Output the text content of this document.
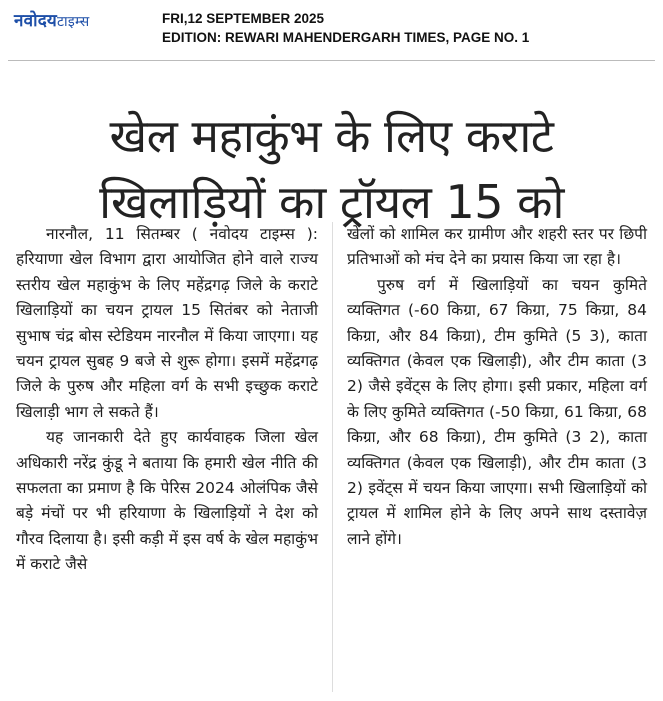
नवोदयटाइम्स	FRI,12 SEPTEMBER 2025
EDITION: REWARI MAHENDERGARH TIMES, PAGE NO. 1
खेल महाकुंभ के लिए कराटे
खिलाड़ियों का ट्रॉयल 15 को

नारनौल, 11 सितम्बर ( नवोदय टाइम्स ): हरियाणा खेल विभाग द्वारा आयोजित होने वाले राज्य स्तरीय खेल महाकुंभ के लिए महेंद्रगढ़ जिले के कराटे खिलाड़ियों का चयन ट्रायल 15 सितंबर को नेताजी सुभाष चंद्र बोस स्टेडियम नारनौल में किया जाएगा। यह चयन ट्रायल सुबह 9 बजे से शुरू होगा। इसमें महेंद्रगढ़ जिले के पुरुष और महिला वर्ग के सभी इच्छुक कराटे खिलाड़ी भाग ले सकते हैं।

यह जानकारी देते हुए कार्यवाहक जिला खेल अधिकारी नरेंद्र कुंडू ने बताया कि हमारी खेल नीति की सफलता का प्रमाण है कि पेरिस 2024 ओलंपिक जैसे बड़े मंचों पर भी हरियाणा के खिलाड़ियों ने देश को गौरव दिलाया है। इसी कड़ी में इस वर्ष के खेल महाकुंभ में कराटे जैसे

खेलों को शामिल कर ग्रामीण और शहरी स्तर पर छिपी प्रतिभाओं को मंच देने का प्रयास किया जा रहा है।

पुरुष वर्ग में खिलाड़ियों का चयन कुमिते व्यक्तिगत (-60 किग्रा, 67 किग्रा, 75 किग्रा, 84 किग्रा, और 84 किग्रा), टीम कुमिते (5 3), काता व्यक्तिगत (केवल एक खिलाड़ी), और टीम काता (3 2) जैसे इवेंट्स के लिए होगा। इसी प्रकार, महिला वर्ग के लिए कुमिते व्यक्तिगत (-50 किग्रा, 61 किग्रा, 68 किग्रा, और 68 किग्रा), टीम कुमिते (3 2), काता व्यक्तिगत (केवल एक खिलाड़ी), और टीम काता (3 2) इवेंट्स में चयन किया जाएगा। सभी खिलाड़ियों को ट्रायल में शामिल होने के लिए अपने साथ दस्तावेज़ लाने होंगे।
